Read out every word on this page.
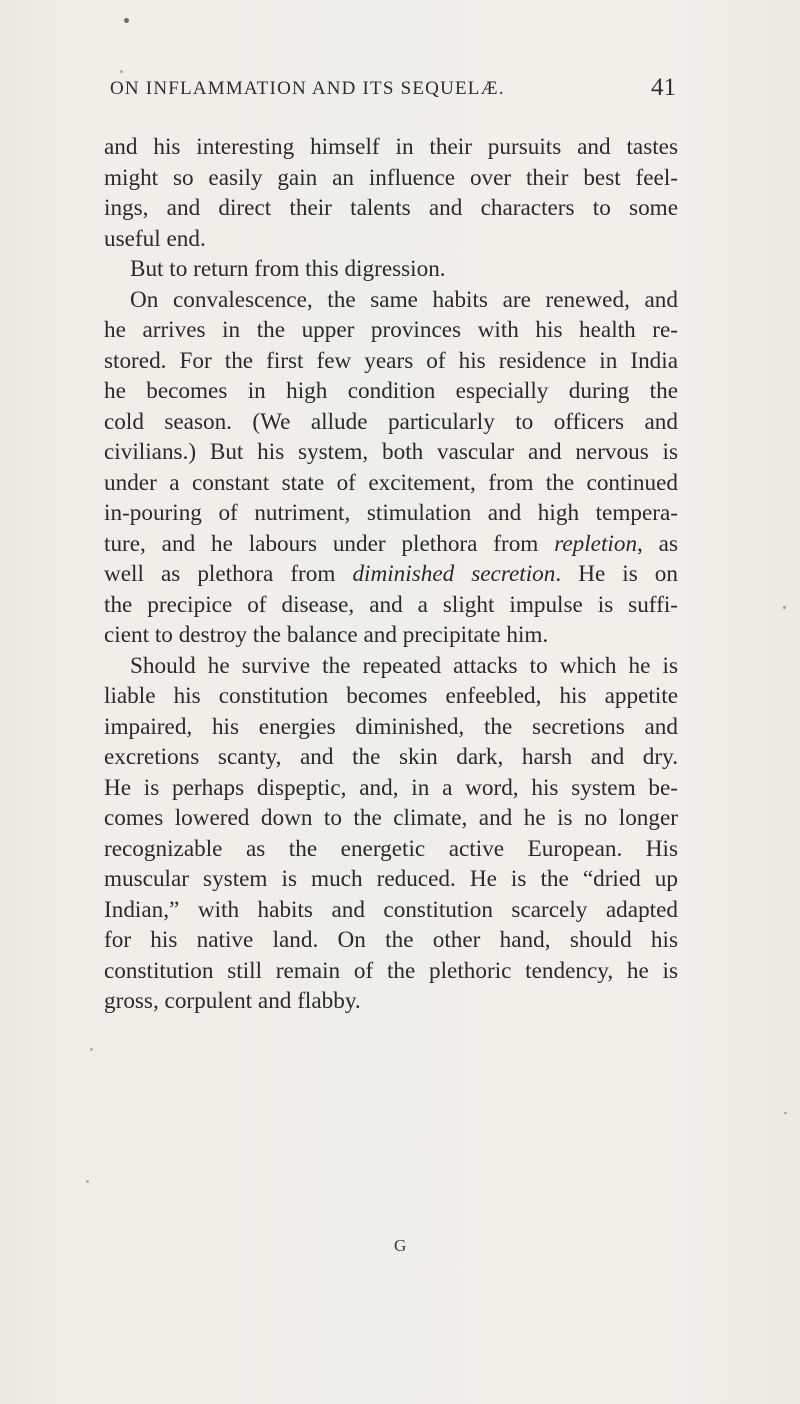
ON INFLAMMATION AND ITS SEQUELÆ.	41
and his interesting himself in their pursuits and tastes
might so easily gain an influence over their best feel-
ings, and direct their talents and characters to some
useful end.
But to return from this digression.
On convalescence, the same habits are renewed, and
he arrives in the upper provinces with his health re-
stored. For the first few years of his residence in India
he becomes in high condition especially during the
cold season. (We allude particularly to officers and
civilians.) But his system, both vascular and nervous is
under a constant state of excitement, from the continued
in-pouring of nutriment, stimulation and high tempera-
ture, and he labours under plethora from repletion, as
well as plethora from diminished secretion. He is on
the precipice of disease, and a slight impulse is suffi-
cient to destroy the balance and precipitate him.
Should he survive the repeated attacks to which he is
liable his constitution becomes enfeebled, his appetite
impaired, his energies diminished, the secretions and
excretions scanty, and the skin dark, harsh and dry.
He is perhaps dispeptic, and, in a word, his system be-
comes lowered down to the climate, and he is no longer
recognizable as the energetic active European. His
muscular system is much reduced. He is the “dried up
Indian,” with habits and constitution scarcely adapted
for his native land. On the other hand, should his
constitution still remain of the plethoric tendency, he is
gross, corpulent and flabby.
G
